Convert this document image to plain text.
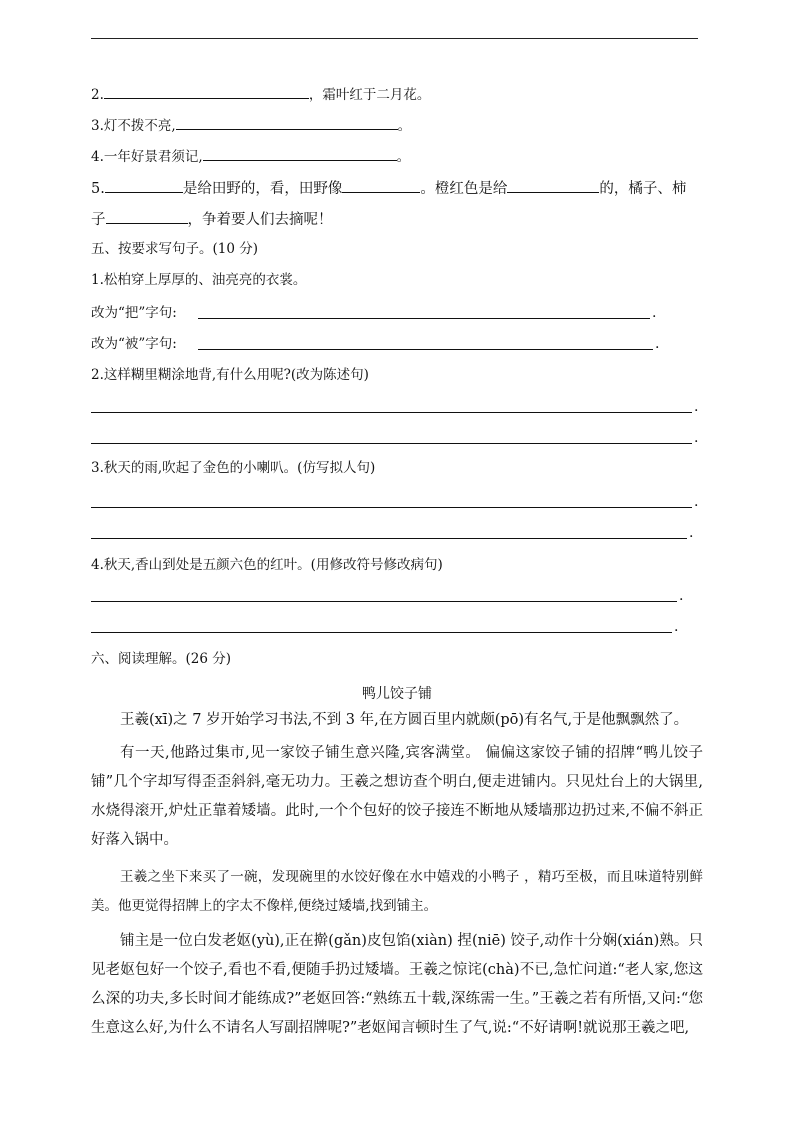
2.	，霜叶红于二月花。
3.灯不拨不亮,	。
4.一年好景君须记,	。
5.	是给田野的，看，田野像	。橙红色是给	的，橘子、柿
子	，争着要人们去摘呢！
五、按要求写句子。(10 分)
1.松柏穿上厚厚的、油亮亮的衣裳。
改为“把”字句:	.
改为“被”字句:	.
2.这样糊里糊涂地背,有什么用呢?(改为陈述句)
.
.
3.秋天的雨,吹起了金色的小喇叭。(仿写拟人句)
.
.
4.秋天,香山到处是五颜六色的红叶。(用修改符号修改病句)
.
.
六、阅读理解。(26 分)
鸭儿饺子铺

王羲(xī)之 7 岁开始学习书法,不到 3 年,在方圆百里内就颇(pō)有名气,于是他飘飘然了。

有一天,他路过集市,见一家饺子铺生意兴隆,宾客满堂。 偏偏这家饺子铺的招牌“鸭儿饺子铺”几个字却写得歪歪斜斜,毫无功力。王羲之想访查个明白,便走进铺内。只见灶台上的大锅里,水烧得滚开,炉灶正靠着矮墙。此时,一个个包好的饺子接连不断地从矮墙那边扔过来,不偏不斜正好落入锅中。

王羲之坐下来买了一碗，发现碗里的水饺好像在水中嬉戏的小鸭子 ，精巧至极，而且味道特别鲜美。他更觉得招牌上的字太不像样,便绕过矮墙,找到铺主。

铺主是一位白发老妪(yù),正在擀(gǎn)皮包馅(xiàn) 捏(niē) 饺子,动作十分娴(xián)熟。只见老妪包好一个饺子,看也不看,便随手扔过矮墙。王羲之惊诧(chà)不已,急忙问道:“老人家,您这么深的功夫,多长时间才能练成?”老妪回答:“熟练五十载,深练需一生。”王羲之若有所悟,又问:“您生意这么好,为什么不请名人写副招牌呢?”老妪闻言顿时生了气,说:“不好请啊!就说那王羲之吧,
